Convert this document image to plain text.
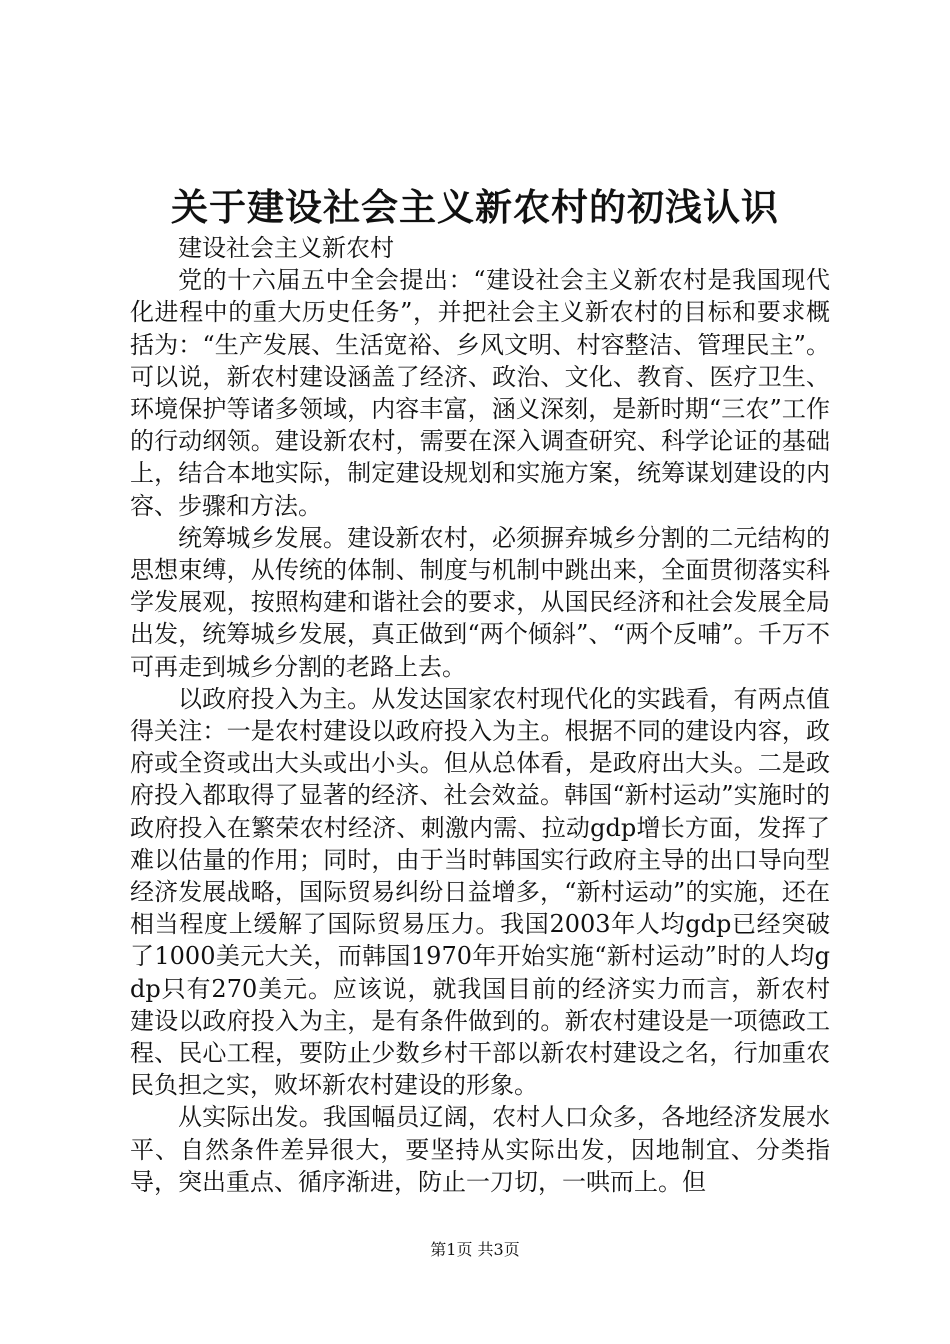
关于建设社会主义新农村的初浅认识

建设社会主义新农村

党的十六届五中全会提出：“建设社会主义新农村是我国现代化进程中的重大历史任务”，并把社会主义新农村的目标和要求概括为：“生产发展、生活宽裕、乡风文明、村容整洁、管理民主”。可以说，新农村建设涵盖了经济、政治、文化、教育、医疗卫生、环境保护等诸多领域，内容丰富，涵义深刻，是新时期“三农”工作的行动纲领。建设新农村，需要在深入调查研究、科学论证的基础上，结合本地实际，制定建设规划和实施方案，统筹谋划建设的内容、步骤和方法。

统筹城乡发展。建设新农村，必须摒弃城乡分割的二元结构的思想束缚，从传统的体制、制度与机制中跳出来，全面贯彻落实科学发展观，按照构建和谐社会的要求，从国民经济和社会发展全局出发，统筹城乡发展，真正做到“两个倾斜”、“两个反哺”。千万不可再走到城乡分割的老路上去。

以政府投入为主。从发达国家农村现代化的实践看，有两点值得关注：一是农村建设以政府投入为主。根据不同的建设内容，政府或全资或出大头或出小头。但从总体看，是政府出大头。二是政府投入都取得了显著的经济、社会效益。韩国“新村运动”实施时的政府投入在繁荣农村经济、刺激内需、拉动gdp增长方面，发挥了难以估量的作用；同时，由于当时韩国实行政府主导的出口导向型经济发展战略，国际贸易纠纷日益增多，“新村运动”的实施，还在相当程度上缓解了国际贸易压力。我国2003年人均gdp已经突破了1000美元大关，而韩国1970年开始实施“新村运动”时的人均gdp只有270美元。应该说，就我国目前的经济实力而言，新农村建设以政府投入为主，是有条件做到的。新农村建设是一项德政工程、民心工程，要防止少数乡村干部以新农村建设之名，行加重农民负担之实，败坏新农村建设的形象。

从实际出发。我国幅员辽阔，农村人口众多，各地经济发展水平、自然条件差异很大，要坚持从实际出发，因地制宜、分类指导，突出重点、循序渐进，防止一刀切，一哄而上。但

第1页 共3页
